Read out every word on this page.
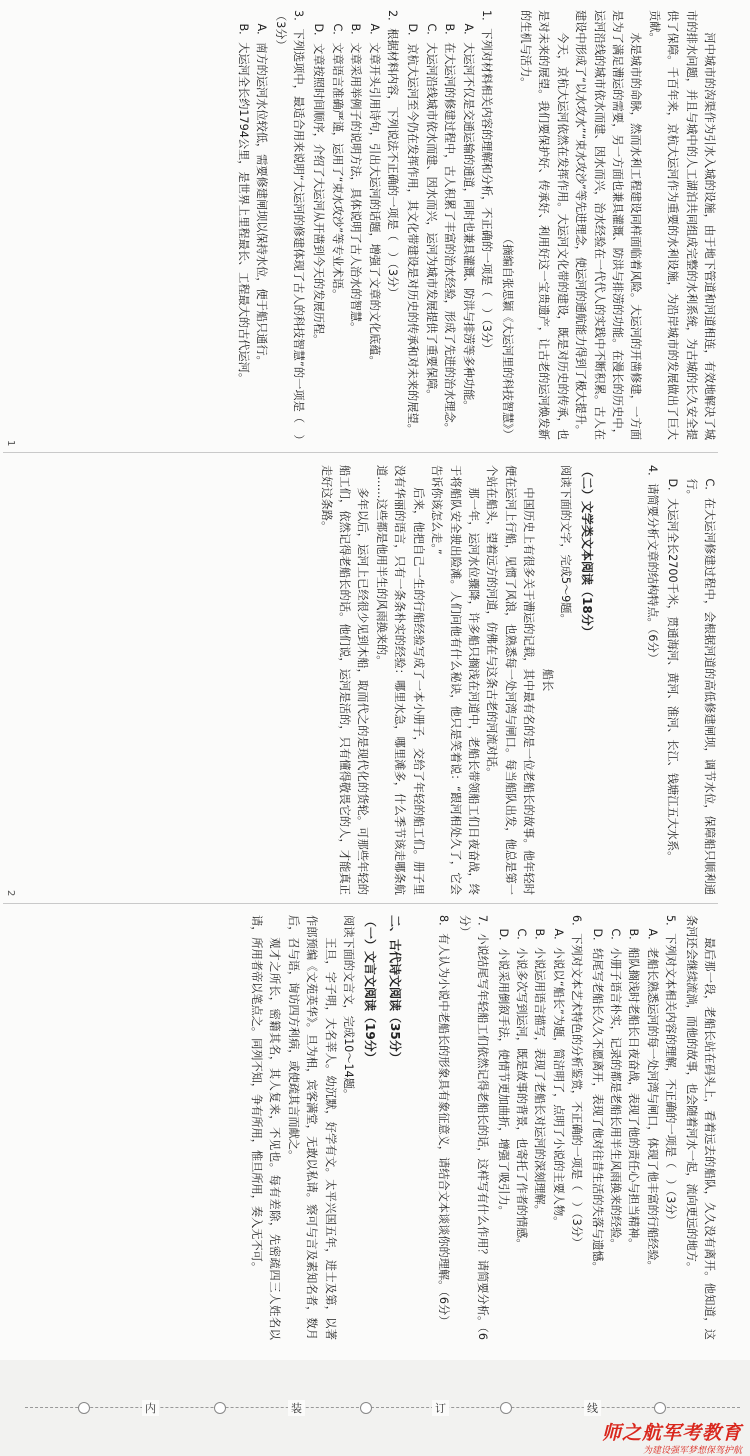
河中城市的沟渠作为引水入城的设施，由于地下管道和河道相连，有效地解决了城市的排水问题，并且与城中的人工湖泊共同组成完整的水利系统，为古城的长久安全提供了保障。千百年来，京杭大运河作为重要的水利设施，为沿岸城市的发展做出了巨大贡献。

水是城市的命脉，然而水利工程建设同样面临着风险。大运河的开凿修建，一方面是为了满足漕运的需要，另一方面也兼具灌溉、防洪与排涝的功能。在漫长的历史中，运河沿线的城市依水而建、因水而兴，治水经验在一代代人的实践中不断积累。古人在建设中形成了“以水攻水”“束水攻沙”等先进理念，使运河的通航能力得到了极大提升。

今天，京杭大运河依然在发挥作用。大运河文化带的建设，既是对历史的传承，也是对未来的展望。我们要保护好、传承好、利用好这一宝贵遗产，让古老的运河焕发新的生机与活力。

（摘编自张思颖《大运河里的科技智慧》）

1．下列对材料相关内容的理解和分析，不正确的一项是（　）（3分）

A．大运河不仅是交通运输的通道，同时也兼具灌溉、防洪与排涝等多种功能。

B．在大运河的修建过程中，古人积累了丰富的治水经验，形成了先进的治水理念。

C．大运河沿线城市依水而建、因水而兴，运河为城市发展提供了重要保障。

D．京杭大运河至今仍在发挥作用，其文化带建设是对历史的传承和对未来的展望。

2．根据材料内容，下列说法不正确的一项是（　）（3分）

A．文章开头引用诗句，引出大运河的话题，增强了文章的文化底蕴。

B．文章采用举例子的说明方法，具体说明了古人治水的智慧。

C．文章语言准确严谨，运用了“束水攻沙”等专业术语。

D．文章按照时间顺序，介绍了大运河从开凿到今天的发展历程。

3．下列选项中，最适合用来说明“大运河的修建体现了古人的科技智慧”的一项是（　）（3分）

A．南方的运河水位较低，需要修建闸坝以保持水位，便于船只通行。

B．大运河全长约1794公里，是世界上里程最长、工程最大的古代运河。

C．在大运河修建过程中，会根据河道的高低修建闸坝，调节水位，保障船只顺利通行。

D．大运河全长2700千米，贯通海河、黄河、淮河、长江、钱塘江五大水系。

4．请简要分析文章的结构特点。（6分）

（二）文学类文本阅读（18分）

阅读下面的文字，完成5～9题。

船长

中国历史上有很多关于漕运的记载，其中最有名的是一位老船长的故事。他年轻时便在运河上行船，见惯了风浪，也熟悉每一处河湾与闸口。每当船队出发，他总是第一个站在船头，望着远方的河道，仿佛在与这条古老的河流对话。

那一年，运河水位骤降，许多船只搁浅在河道中，老船长带领船工们日夜奋战，终于将船队安全驶出险滩。人们问他有什么秘诀，他只是笑着说：“跟河相处久了，它会告诉你该怎么走。”

后来，他把自己一生的行船经验写成了一本小册子，交给了年轻的船工们。册子里没有华丽的语言，只有一条条朴实的经验：哪里水急，哪里滩多，什么季节该走哪条航道……这些都是他用半生的风雨换来的。

多年以后，运河上已经很少见到木船，取而代之的是现代化的货轮。可那些年轻的船工们，依然记得老船长的话。他们说，运河是活的，只有懂得敬畏它的人，才能真正走好这条路。

最后那一段，老船长站在码头上，看着远去的船队，久久没有离开。他知道，这条河还会继续流淌，而他的故事，也会随着河水一起，流向更远的地方。

5．下列对文本相关内容的理解，不正确的一项是（　）（3分）

A．老船长熟悉运河的每一处河湾与闸口，体现了他丰富的行船经验。

B．船队搁浅时老船长日夜奋战，表现了他的责任心与担当精神。

C．小册子语言朴实，记录的都是老船长用半生风雨换来的经验。

D．结尾写老船长久久不愿离开，表现了他对往昔生活的失落与遗憾。

6．下列对文本艺术特色的分析鉴赏，不正确的一项是（　）（3分）

A．小说以“船长”为题，简洁明了，点明了小说的主要人物。

B．小说运用语言描写，表现了老船长对运河的深刻理解。

C．小说多次写到运河，既是故事的背景，也寄托了作者的情感。

D．小说采用倒叙手法，使情节更加曲折，增强了吸引力。

7．小说结尾写年轻船工们依然记得老船长的话，这样写有什么作用？请简要分析。（6分）

8．有人认为小说中老船长的形象具有象征意义，请结合文本谈谈你的理解。（6分）

二、古代诗文阅读（35分）
（一）文言文阅读（19分）

阅读下面的文言文，完成10～14题。

王旦，字子明，大名莘人。幼沉默，好学有文。太平兴国五年，进士及第，以著作郎预编《文苑英华》。旦为相，宾客满堂，无敢以私请。察可与言及素知名者，数月后，召与语，询访四方利病，或使疏其言而献之。

观才之所长，密籍其名，其人复来，不见也。每有差除，先密疏四三人姓名以请，所用者帝以笔点之。同列不知，争有所用，惟旦所用，奏入无不可。

1
2
内	装	订	线
师之航军考教育
为建设强军梦想保驾护航
